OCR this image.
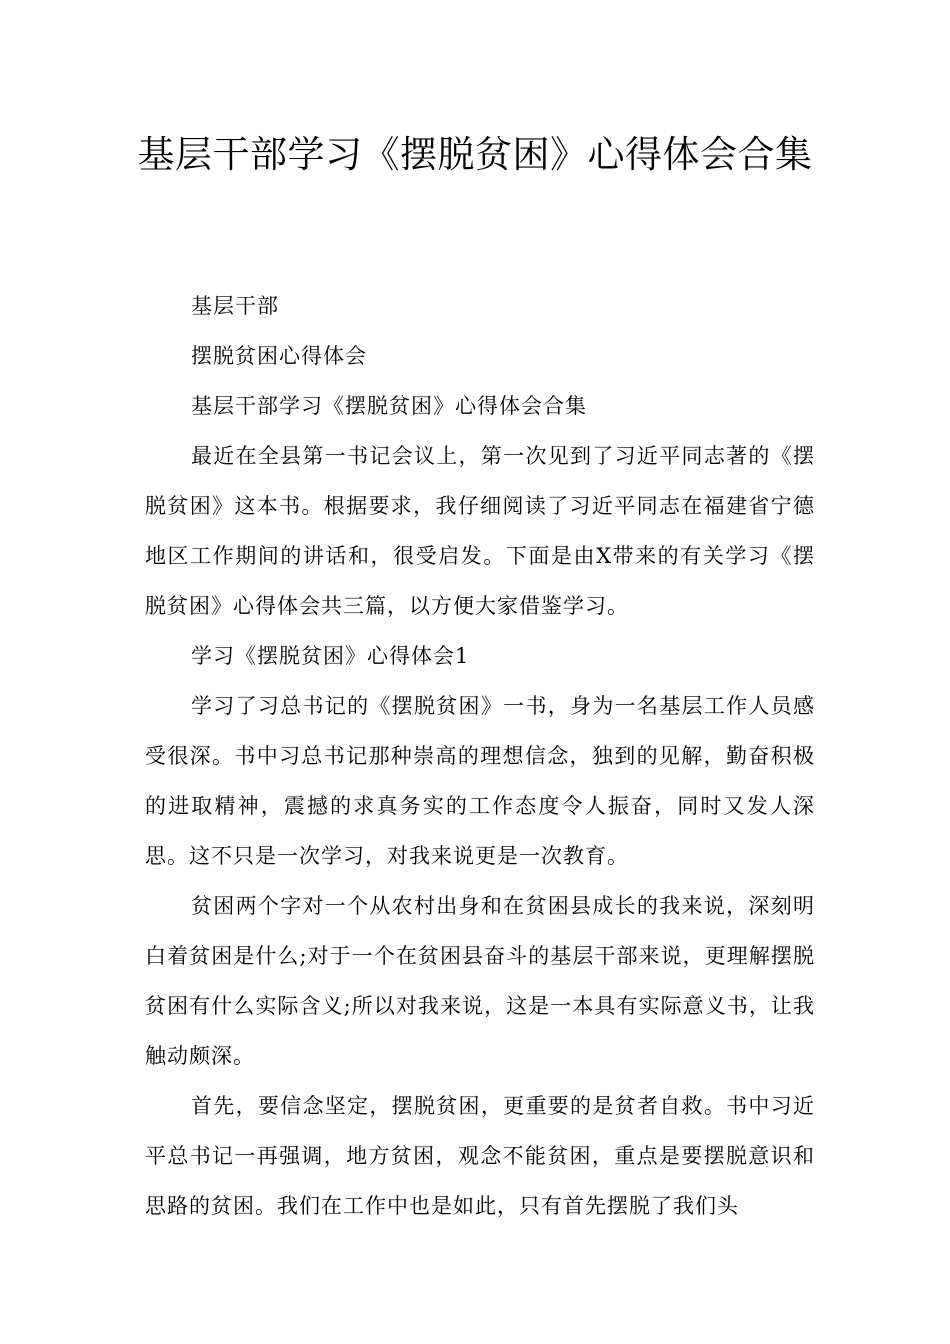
基层干部学习《摆脱贫困》心得体会合集

基层干部

摆脱贫困心得体会

基层干部学习《摆脱贫困》心得体会合集

最近在全县第一书记会议上，第一次见到了习近平同志著的《摆脱贫困》这本书。根据要求，我仔细阅读了习近平同志在福建省宁德地区工作期间的讲话和，很受启发。下面是由X带来的有关学习《摆脱贫困》心得体会共三篇，以方便大家借鉴学习。

学习《摆脱贫困》心得体会1

学习了习总书记的《摆脱贫困》一书，身为一名基层工作人员感受很深。书中习总书记那种崇高的理想信念，独到的见解，勤奋积极的进取精神，震撼的求真务实的工作态度令人振奋，同时又发人深思。这不只是一次学习，对我来说更是一次教育。

贫困两个字对一个从农村出身和在贫困县成长的我来说，深刻明白着贫困是什么;对于一个在贫困县奋斗的基层干部来说，更理解摆脱贫困有什么实际含义;所以对我来说，这是一本具有实际意义书，让我触动颇深。

首先，要信念坚定，摆脱贫困，更重要的是贫者自救。书中习近平总书记一再强调，地方贫困，观念不能贫困，重点是要摆脱意识和思路的贫困。我们在工作中也是如此，只有首先摆脱了我们头
